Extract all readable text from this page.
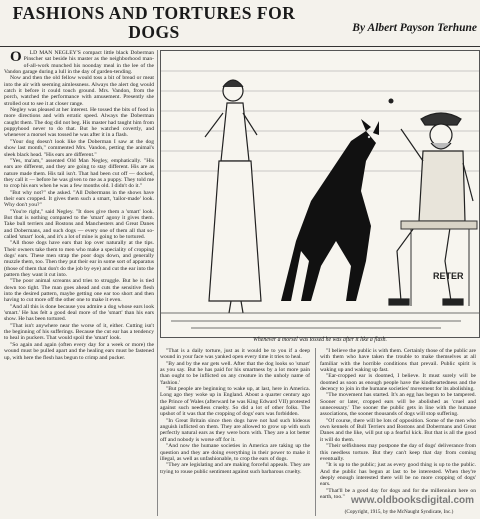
FASHIONS AND TORTURES FOR DOGS	By Albert Payson Terhune

O LD MAN NEGLEY'S compact little black Doberman Pinscher sat beside his master as the neighborhood man-of-all-work munched his noonday meal in the lee of the Vandon garage during a lull in the day of garden-tending.

Now and then the old fellow would toss a bit of bread or meat into the air with seeming aimlessness. Always the alert dog would catch it before it could touch ground. Mrs. Vandon, from the porch, watched the performance with amusement. Presently she strolled out to see it at closer range.

Negley was pleased at her interest. He tossed the bits of food in more directions and with erratic speed. Always the Doberman caught them. The dog did not beg. His master had taught him from puppyhood never to do that. But he watched covertly, and whenever a morsel was tossed he was after it in a flash.

"Your dog doesn't look like the Doberman I saw at the dog show last month," commented Mrs. Vandon, petting the animal's sleek black head. "His ears are different."

"Yes, ma'am," assented Old Man Negley, emphatically. "His ears are different, and they are going to stay different. His are as nature made them. His tail isn't. That had been cut off — docked, they call it — before he was given to me as a puppy. They told me to crop his ears when he was a few months old. I didn't do it."

"But why not?" she asked. "All Dobermans in the shows have their ears cropped. It gives them such a smart, 'tailor-made' look. Why don't you?"

"You're right," said Negley. "It does give them a 'smart' look. But that is nothing compared to the 'smart' agony it gives them. Take bull terriers and Bostons and Manchesters and Great Danes and Dobermans, and such dogs — every one of them all that so-called 'smart' look, and it's a lot of mine is going to be tortured.

"All those dogs have ears that lop over naturally at the tips. Their owners take them to men who make a speciality of cropping dogs' ears. These men strap the poor dogs down, and generally muzzle them, too. Then they put their ear in some sort of apparatus (those of them that don't do the job by eye) and cut the ear into the pattern they want it cut into.

"The poor animal screams and tries to struggle. But he is tied down too tight. The man goes ahead and cuts the sensitive flesh into the desired pattern, maybe getting one ear too short and then having to cut more off the other one to make it even.

"And all this is done because you admire a dog whose ears look 'smart.' He has felt a good deal more of the 'smart' than his ears show. He has been tortured.

"That isn't anywhere near the worse of it, either. Cutting isn't the beginning of his sufferings. Because the cut ear has a tendency to heal in puckers. That would spoil the 'smart' look.

"So again and again (often every day for a week or more) the wound must be pulled apart and the healing ears must be fastened up, with here the flesh has begun to crimp and pucker.

RETER
Whenever a morsel was tossed he was after it like a flash.

"That is a daily torture, just as it would be to you if a deep wound in your face was yanked open every time it tries to heal.

"By and by the ear gets well. After that the dog looks so 'smart' as you say. But he has paid for his smartness by a lot more pain than ought to be inflicted on any creature in the unholy name of 'fashion.'

"But people are beginning to wake up, at last, here in America. Long ago they woke up in England. About a quarter century ago the Prince of Wales (afterward he was King Edward VII) protested against such needless cruelty. So did a lot of other folks. The upshot of it was that the cropping of dogs' ears was forbidden.

"In Great Britain since then dogs have not had such hideous anguish inflicted on them. They are allowed to grow up with such perfectly natural ears as they were born with. They are a lot better off and nobody is worse off for it.

"And now the humane societies in America are taking up the question and they are doing everything in their power to make it illegal, as well as unfashionable, to crop the ears of dogs.

"They are legislating and are making forceful appeals. They are trying to rouse public sentiment against such barbarous cruelty.

"I believe the public is with them. Certainly those of the public are with them who have taken the trouble to make themselves at all familiar with the horrible conditions that prevail. Public spirit is waking up and waking up fast.

"Ear-cropped ear is doomed, I believe. It must surely will be doomed as soon as enough people have the kindheartedness and the decency to join in the humane societies' movement for its abolishing.

"The movement has started. It's an egg has begun to be tampered. Sooner or later, cropped ears will be abolished as 'cruel and unnecessary.' The sooner the public gets in line with the humane associations, the sooner thousands of dogs will stop suffering.

"Of course, there will be lots of opposition. Some of the men who own kennels of Bull Terriers and Bostons and Dobermans and Great Danes and the like, will put up a fearful kick. But that is all the good it will do them.

"Their selfishness may postpone the day of dogs' deliverance from this needless torture. But they can't keep that day from coming eventually.

"It is up to the public; just as every good thing is up to the public. And the public has begun at last to be interested. When they're deeply enough interested there will be no more cropping of dogs' ears.

"That'll be a good day for dogs and for the millennium here on earth, too." www.oldbooksdigital.com
(Copyright, 1915, by the McNaught Syndicate, Inc.)
